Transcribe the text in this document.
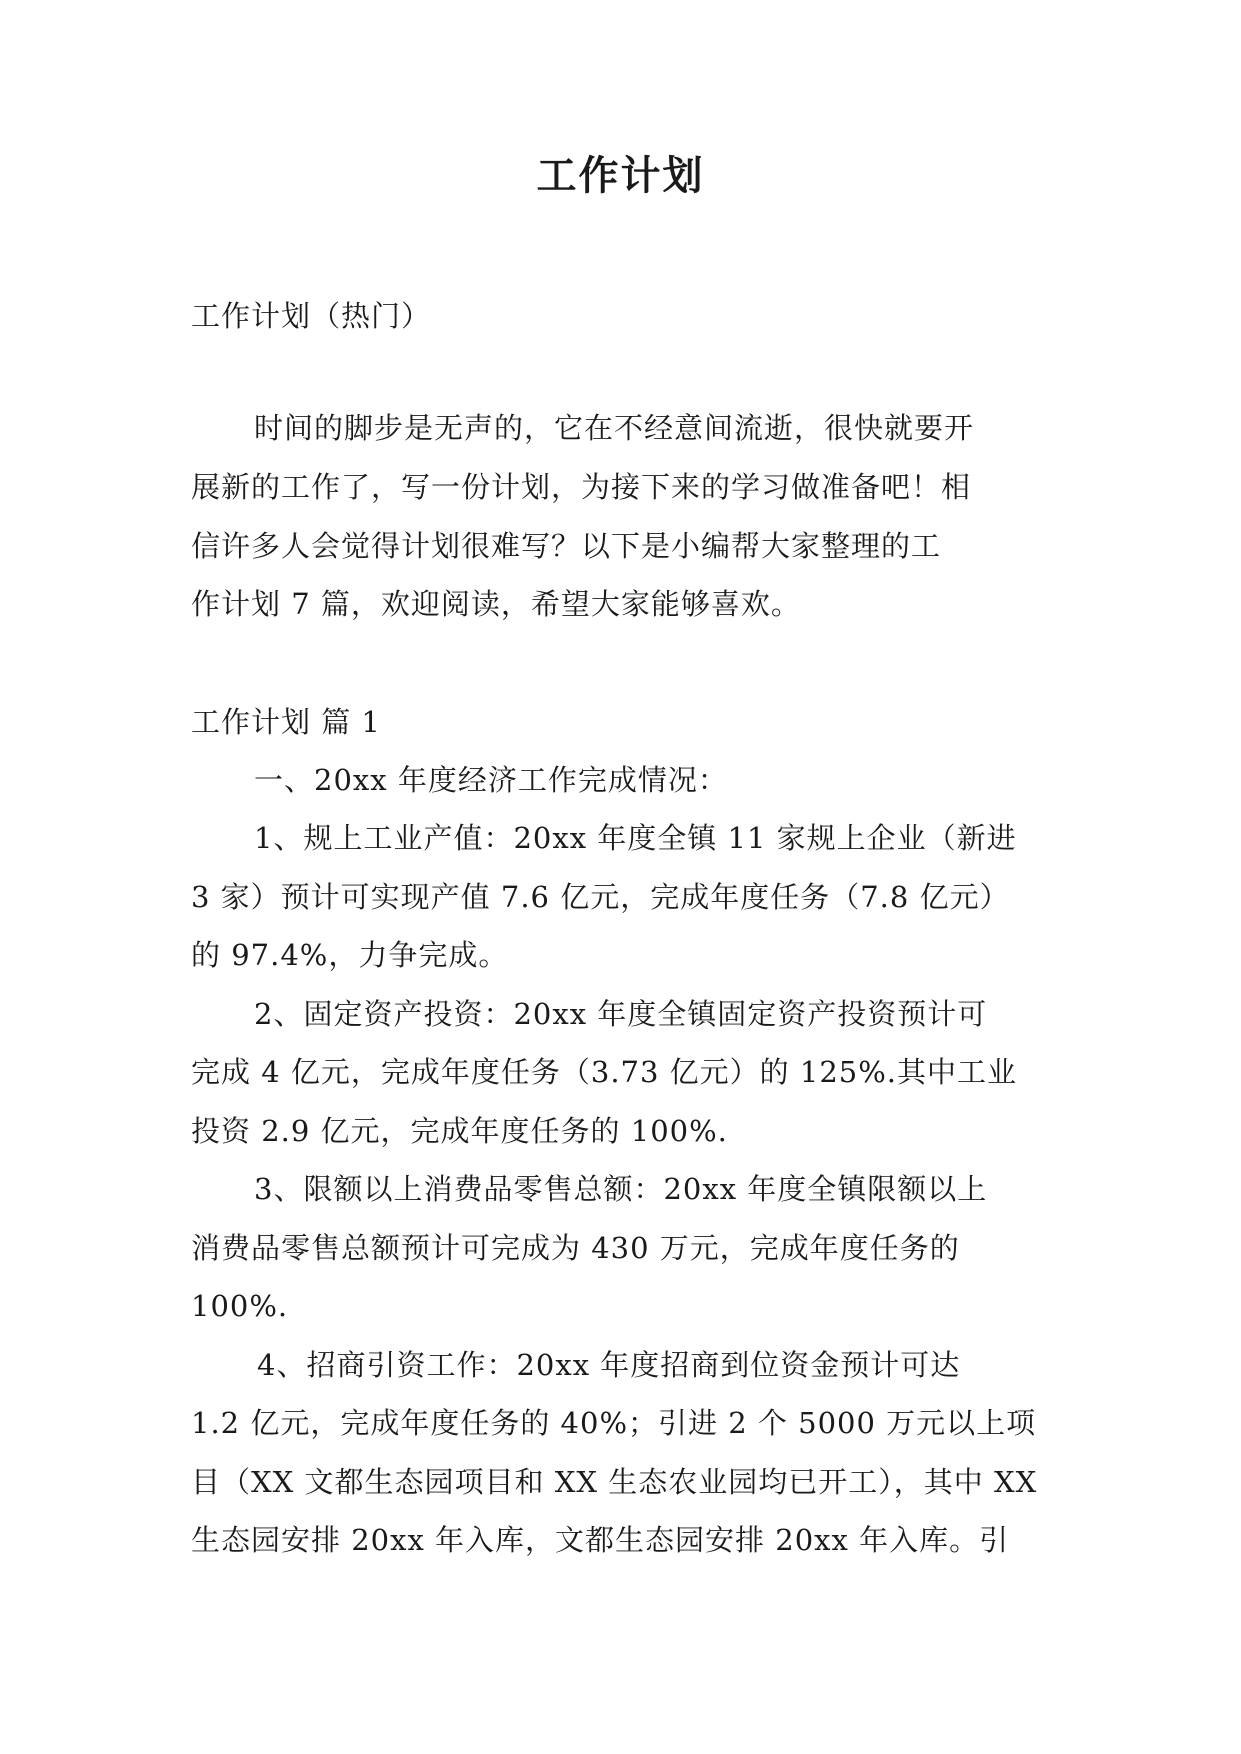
工作计划
工作计划（热门）
时间的脚步是无声的，它在不经意间流逝，很快就要开
展新的工作了，写一份计划，为接下来的学习做准备吧！相
信许多人会觉得计划很难写？以下是小编帮大家整理的工
作计划 7 篇，欢迎阅读，希望大家能够喜欢。
工作计划 篇 1
一、20xx 年度经济工作完成情况：
1、规上工业产值：20xx 年度全镇 11 家规上企业（新进
3 家）预计可实现产值 7.6 亿元，完成年度任务（7.8 亿元）
的 97.4%，力争完成。
2、固定资产投资：20xx 年度全镇固定资产投资预计可
完成 4 亿元，完成年度任务（3.73 亿元）的 125%.其中工业
投资 2.9 亿元，完成年度任务的 100%.
3、限额以上消费品零售总额：20xx 年度全镇限额以上
消费品零售总额预计可完成为 430 万元，完成年度任务的
100%.
4、招商引资工作：20xx 年度招商到位资金预计可达
1.2 亿元，完成年度任务的 40%；引进 2 个 5000 万元以上项
目（XX 文都生态园项目和 XX 生态农业园均已开工），其中 XX
生态园安排 20xx 年入库，文都生态园安排 20xx 年入库。引
